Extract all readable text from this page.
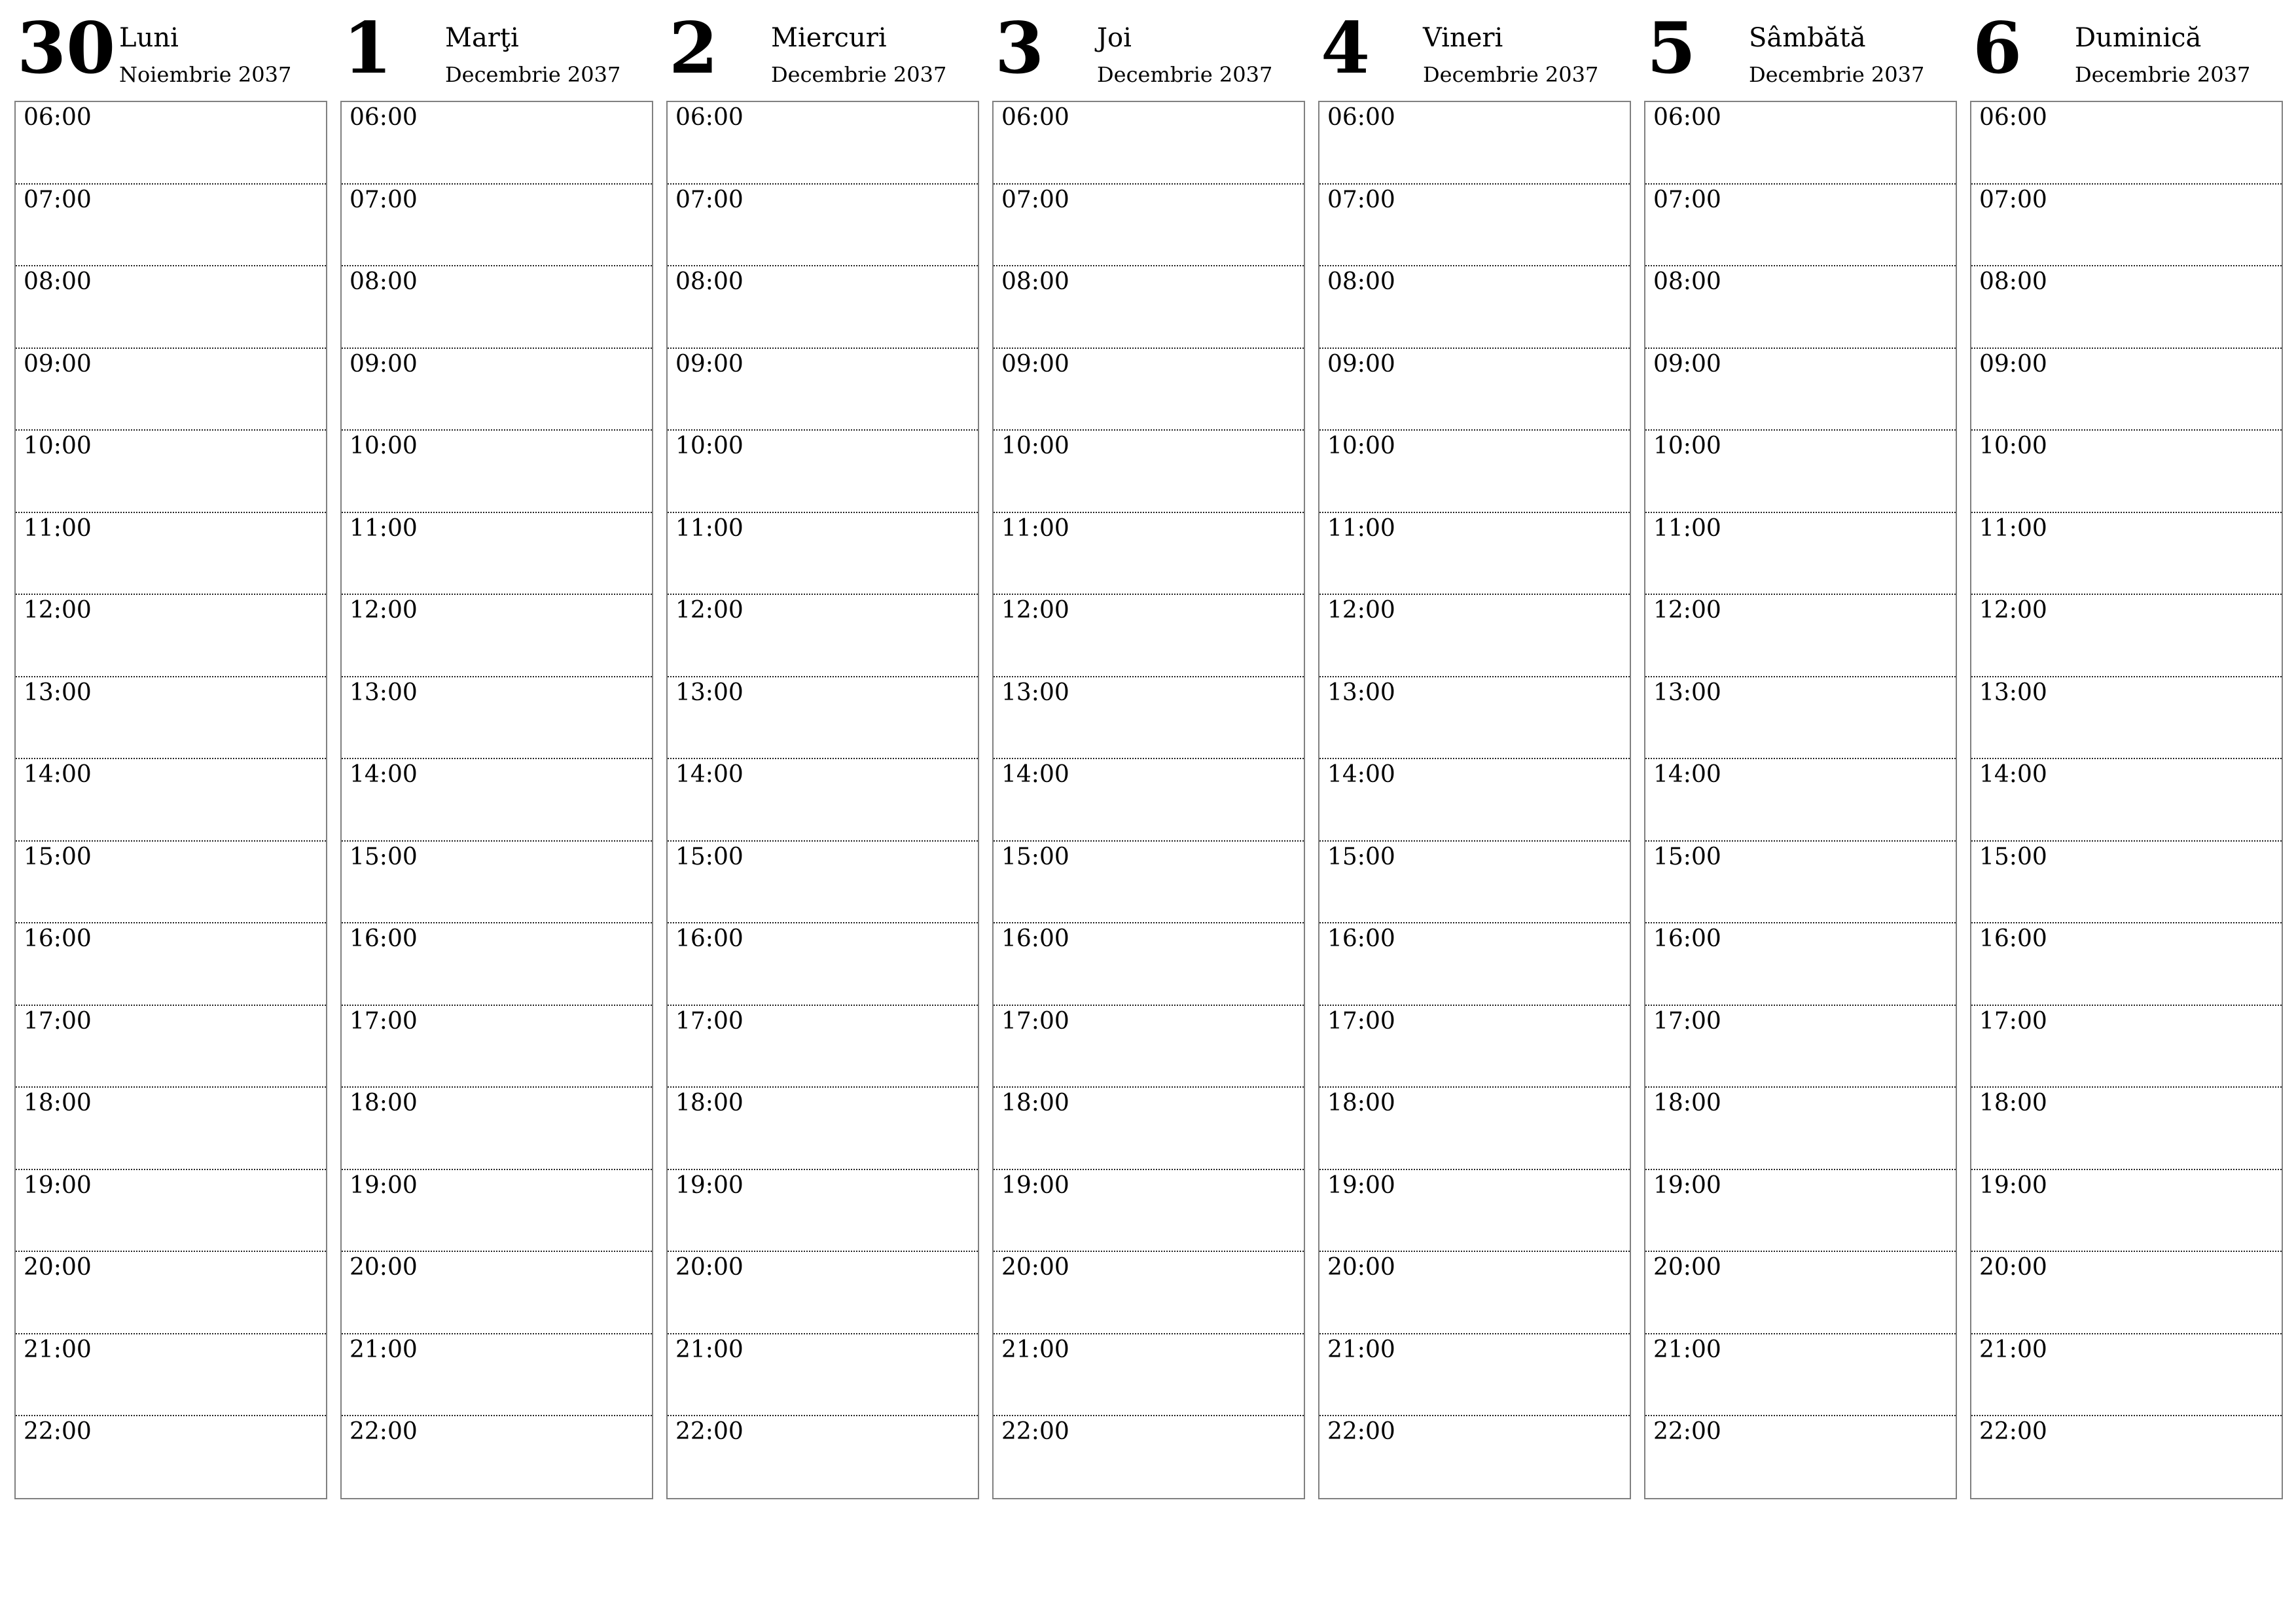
30 Luni
Noiembrie 2037
06:00
07:00
08:00
09:00
10:00
11:00
12:00
13:00
14:00
15:00
16:00
17:00
18:00
19:00
20:00
21:00
22:00
1 Marţi
Decembrie 2037
06:00
07:00
08:00
09:00
10:00
11:00
12:00
13:00
14:00
15:00
16:00
17:00
18:00
19:00
20:00
21:00
22:00
2 Miercuri
Decembrie 2037
06:00
07:00
08:00
09:00
10:00
11:00
12:00
13:00
14:00
15:00
16:00
17:00
18:00
19:00
20:00
21:00
22:00
3 Joi
Decembrie 2037
06:00
07:00
08:00
09:00
10:00
11:00
12:00
13:00
14:00
15:00
16:00
17:00
18:00
19:00
20:00
21:00
22:00
4 Vineri
Decembrie 2037
06:00
07:00
08:00
09:00
10:00
11:00
12:00
13:00
14:00
15:00
16:00
17:00
18:00
19:00
20:00
21:00
22:00
5 Sâmbătă
Decembrie 2037
06:00
07:00
08:00
09:00
10:00
11:00
12:00
13:00
14:00
15:00
16:00
17:00
18:00
19:00
20:00
21:00
22:00
6 Duminică
Decembrie 2037
06:00
07:00
08:00
09:00
10:00
11:00
12:00
13:00
14:00
15:00
16:00
17:00
18:00
19:00
20:00
21:00
22:00
